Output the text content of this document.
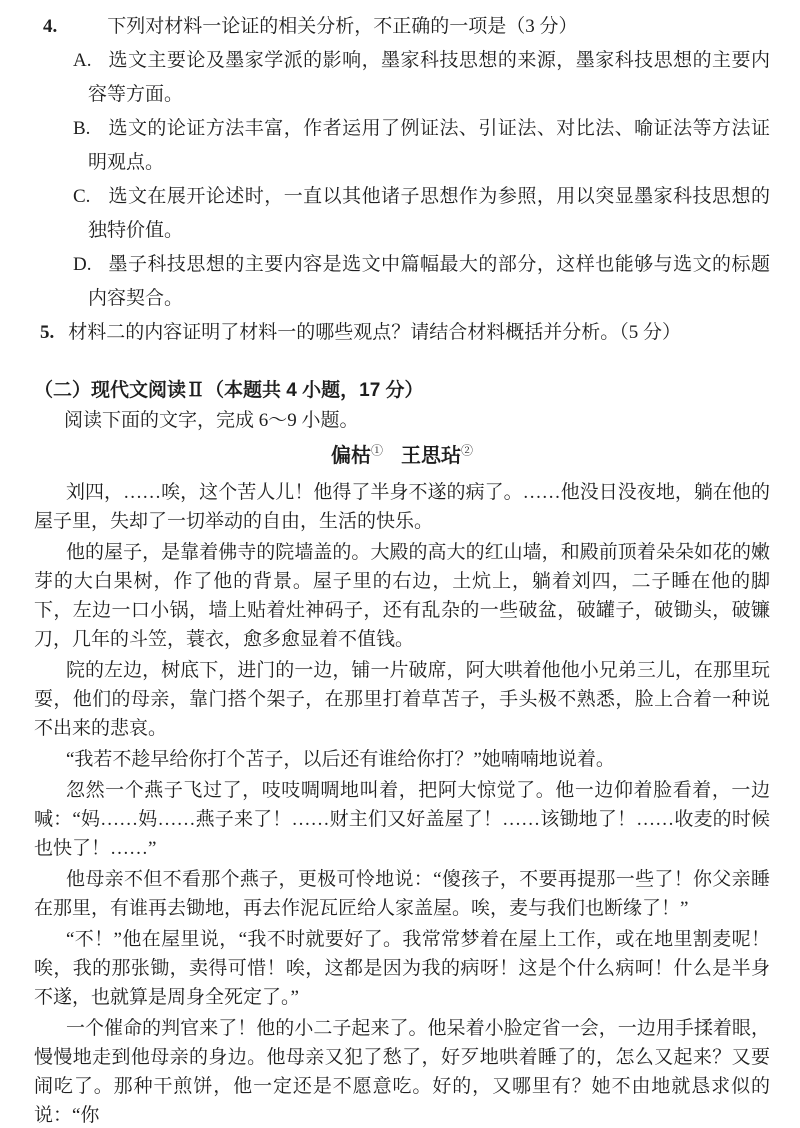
4.	下列对材料一论证的相关分析，不正确的一项是（3 分）
A. 选文主要论及墨家学派的影响，墨家科技思想的来源，墨家科技思想的主要内容等方面。
B. 选文的论证方法丰富，作者运用了例证法、引证法、对比法、喻证法等方法证明观点。
C. 选文在展开论述时，一直以其他诸子思想作为参照，用以突显墨家科技思想的独特价值。
D. 墨子科技思想的主要内容是选文中篇幅最大的部分，这样也能够与选文的标题内容契合。
5. 材料二的内容证明了材料一的哪些观点？请结合材料概括并分析。（5 分）
（二）现代文阅读Ⅱ（本题共 4 小题，17 分）
阅读下面的文字，完成 6～9 小题。
偏枯① 王思玷②

刘四，……唉，这个苦人儿！他得了半身不遂的病了。……他没日没夜地，躺在他的屋子里，失却了一切举动的自由，生活的快乐。

他的屋子，是靠着佛寺的院墙盖的。大殿的高大的红山墙，和殿前顶着朵朵如花的嫩芽的大白果树，作了他的背景。屋子里的右边，土炕上，躺着刘四，二子睡在他的脚下，左边一口小锅，墙上贴着灶神码子，还有乱杂的一些破盆，破罐子，破锄头，破镰刀，几年的斗笠，蓑衣，愈多愈显着不值钱。

院的左边，树底下，进门的一边，铺一片破席，阿大哄着他他小兄弟三儿，在那里玩耍，他们的母亲，靠门搭个架子，在那里打着草苫子，手头极不熟悉，脸上合着一种说不出来的悲哀。

“我若不趁早给你打个苫子，以后还有谁给你打？”她喃喃地说着。

忽然一个燕子飞过了，吱吱啁啁地叫着，把阿大惊觉了。他一边仰着脸看着，一边喊：“妈……妈……燕子来了！……财主们又好盖屋了！……该锄地了！……收麦的时候也快了！……”

他母亲不但不看那个燕子，更极可怜地说：“傻孩子，不要再提那一些了！你父亲睡在那里，有谁再去锄地，再去作泥瓦匠给人家盖屋。唉，麦与我们也断缘了！”

“不！”他在屋里说，“我不时就要好了。我常常梦着在屋上工作，或在地里割麦呢！唉，我的那张锄，卖得可惜！唉，这都是因为我的病呀！这是个什么病呵！什么是半身不遂，也就算是周身全死定了。”

一个催命的判官来了！他的小二子起来了。他呆着小脸定省一会，一边用手揉着眼，慢慢地走到他母亲的身边。他母亲又犯了愁了，好歹地哄着睡了的，怎么又起来？又要闹吃了。那种干煎饼，他一定还是不愿意吃。好的，又哪里有？她不由地就恳求似的说：“你
